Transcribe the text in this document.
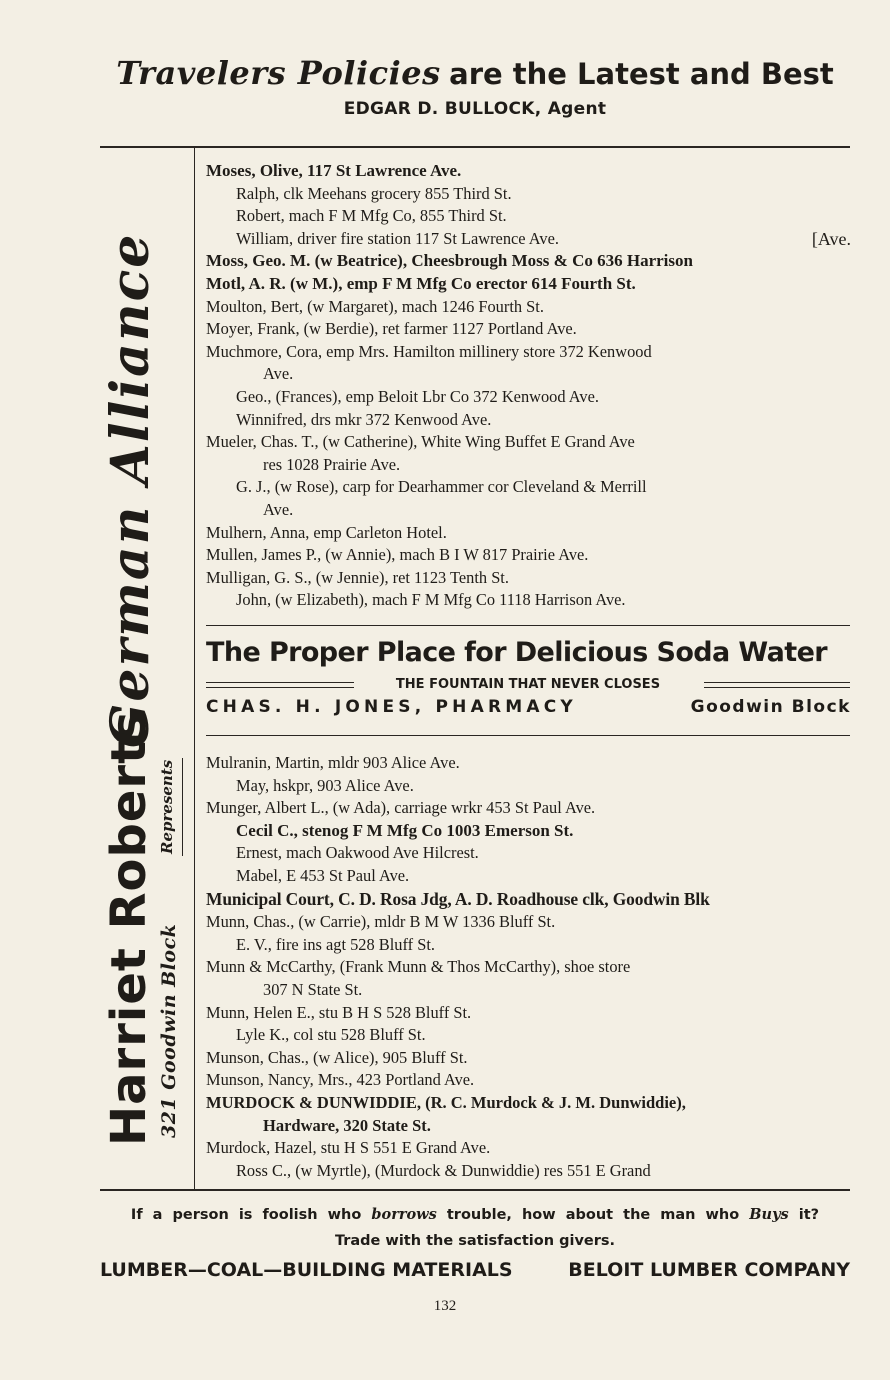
Travelers Policies are the Latest and Best
EDGAR D. BULLOCK, Agent
Harriet Roberts
German Alliance
321 Goodwin Block
Represents
Moses, Olive, 117 St Lawrence Ave.
Ralph, clk Meehans grocery 855 Third St.
Robert, mach F M Mfg Co, 855 Third St.
William, driver fire station 117 St Lawrence Ave.	[Ave.
Moss, Geo. M. (w Beatrice), Cheesbrough Moss & Co 636 Harrison
Motl, A. R. (w M.), emp F M Mfg Co erector 614 Fourth St.
Moulton, Bert, (w Margaret), mach 1246 Fourth St.
Moyer, Frank, (w Berdie), ret farmer 1127 Portland Ave.
Muchmore, Cora, emp Mrs. Hamilton millinery store 372 Kenwood
Ave.
Geo., (Frances), emp Beloit Lbr Co 372 Kenwood Ave.
Winnifred, drs mkr 372 Kenwood Ave.
Mueler, Chas. T., (w Catherine), White Wing Buffet E Grand Ave
res 1028 Prairie Ave.
G. J., (w Rose), carp for Dearhammer cor Cleveland & Merrill
Ave.
Mulhern, Anna, emp Carleton Hotel.
Mullen, James P., (w Annie), mach B I W 817 Prairie Ave.
Mulligan, G. S., (w Jennie), ret 1123 Tenth St.
John, (w Elizabeth), mach F M Mfg Co 1118 Harrison Ave.
The Proper Place for Delicious Soda Water
THE FOUNTAIN THAT NEVER CLOSES
CHAS. H. JONES, PHARMACY	Goodwin Block
Mulranin, Martin, mldr 903 Alice Ave.
May, hskpr, 903 Alice Ave.
Munger, Albert L., (w Ada), carriage wrkr 453 St Paul Ave.
Cecil C., stenog F M Mfg Co 1003 Emerson St.
Ernest, mach Oakwood Ave Hilcrest.
Mabel, E 453 St Paul Ave.
Municipal Court, C. D. Rosa Jdg, A. D. Roadhouse clk, Goodwin Blk
Munn, Chas., (w Carrie), mldr B M W 1336 Bluff St.
E. V., fire ins agt 528 Bluff St.
Munn & McCarthy, (Frank Munn & Thos McCarthy), shoe store
307 N State St.
Munn, Helen E., stu B H S 528 Bluff St.
Lyle K., col stu 528 Bluff St.
Munson, Chas., (w Alice), 905 Bluff St.
Munson, Nancy, Mrs., 423 Portland Ave.
MURDOCK & DUNWIDDIE, (R. C. Murdock & J. M. Dunwiddie),
Hardware, 320 State St.
Murdock, Hazel, stu H S 551 E Grand Ave.
Ross C., (w Myrtle), (Murdock & Dunwiddie) res 551 E Grand
If a person is foolish who borrows trouble, how about the man who Buys it?
Trade with the satisfaction givers.
LUMBER—COAL—BUILDING MATERIALS	BELOIT LUMBER COMPANY
132
